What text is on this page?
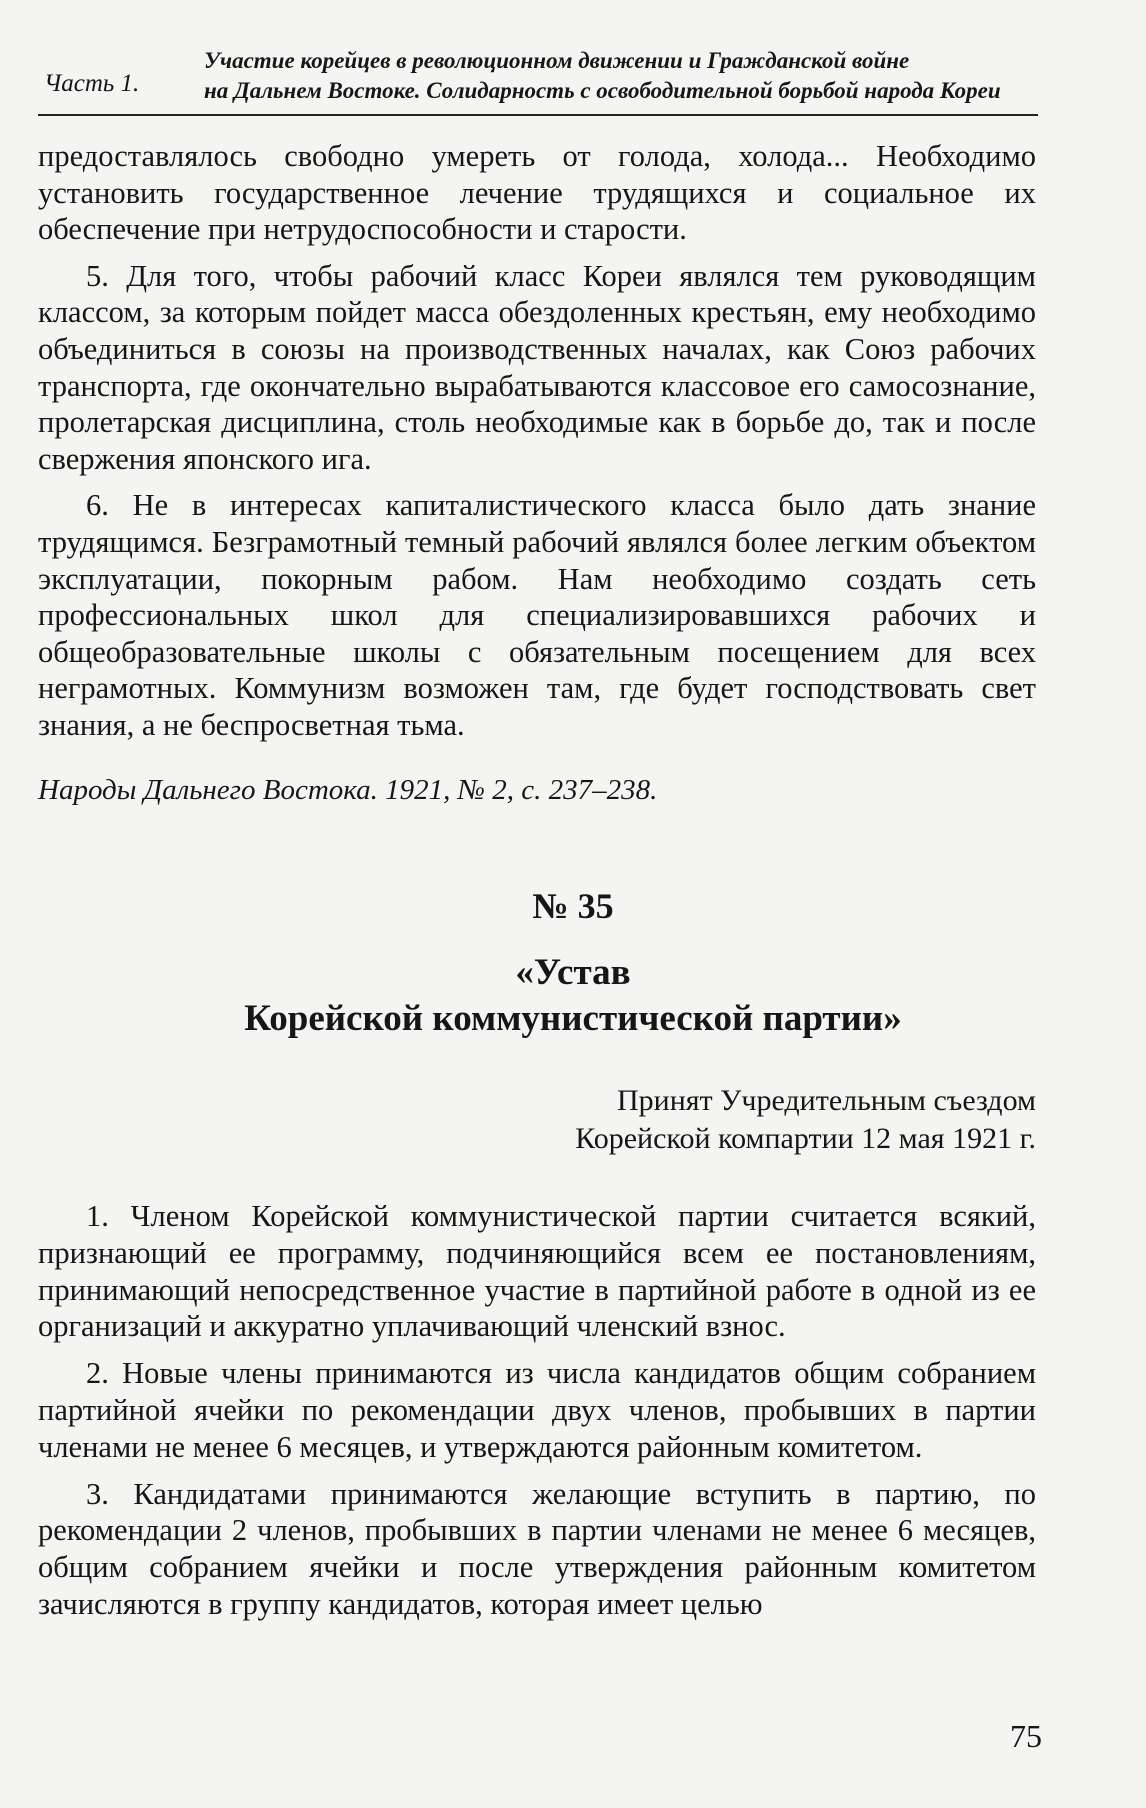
Часть 1.
Участие корейцев в революционном движении и Гражданской войне
на Дальнем Востоке. Солидарность с освободительной борьбой народа Кореи

предоставлялось свободно умереть от голода, холода... Необходимо установить государственное лечение трудящихся и социальное их обеспечение при нетрудоспособности и старости.

5. Для того, чтобы рабочий класс Кореи являлся тем руководящим классом, за которым пойдет масса обездоленных крестьян, ему необходимо объединиться в союзы на производственных началах, как Союз рабочих транспорта, где окончательно вырабатываются классовое его самосознание, пролетарская дисциплина, столь необходимые как в борьбе до, так и после свержения японского ига.

6. Не в интересах капиталистического класса было дать знание трудящимся. Безграмотный темный рабочий являлся более легким объектом эксплуатации, покорным рабом. Нам необходимо создать сеть профессиональных школ для специализировавшихся рабочих и общеобразовательные школы с обязательным посещением для всех неграмотных. Коммунизм возможен там, где будет господствовать свет знания, а не беспросветная тьма.

Народы Дальнего Востока. 1921, № 2, с. 237–238.
№ 35
«Устав
Корейской коммунистической партии»
Принят Учредительным съездом
Корейской компартии 12 мая 1921 г.

1. Членом Корейской коммунистической партии считается всякий, признающий ее программу, подчиняющийся всем ее постановлениям, принимающий непосредственное участие в партийной работе в одной из ее организаций и аккуратно уплачивающий членский взнос.

2. Новые члены принимаются из числа кандидатов общим собранием партийной ячейки по рекомендации двух членов, пробывших в партии членами не менее 6 месяцев, и утверждаются районным комитетом.

3. Кандидатами принимаются желающие вступить в партию, по рекомендации 2 членов, пробывших в партии членами не менее 6 месяцев, общим собранием ячейки и после утверждения районным комитетом зачисляются в группу кандидатов, которая имеет целью

75
